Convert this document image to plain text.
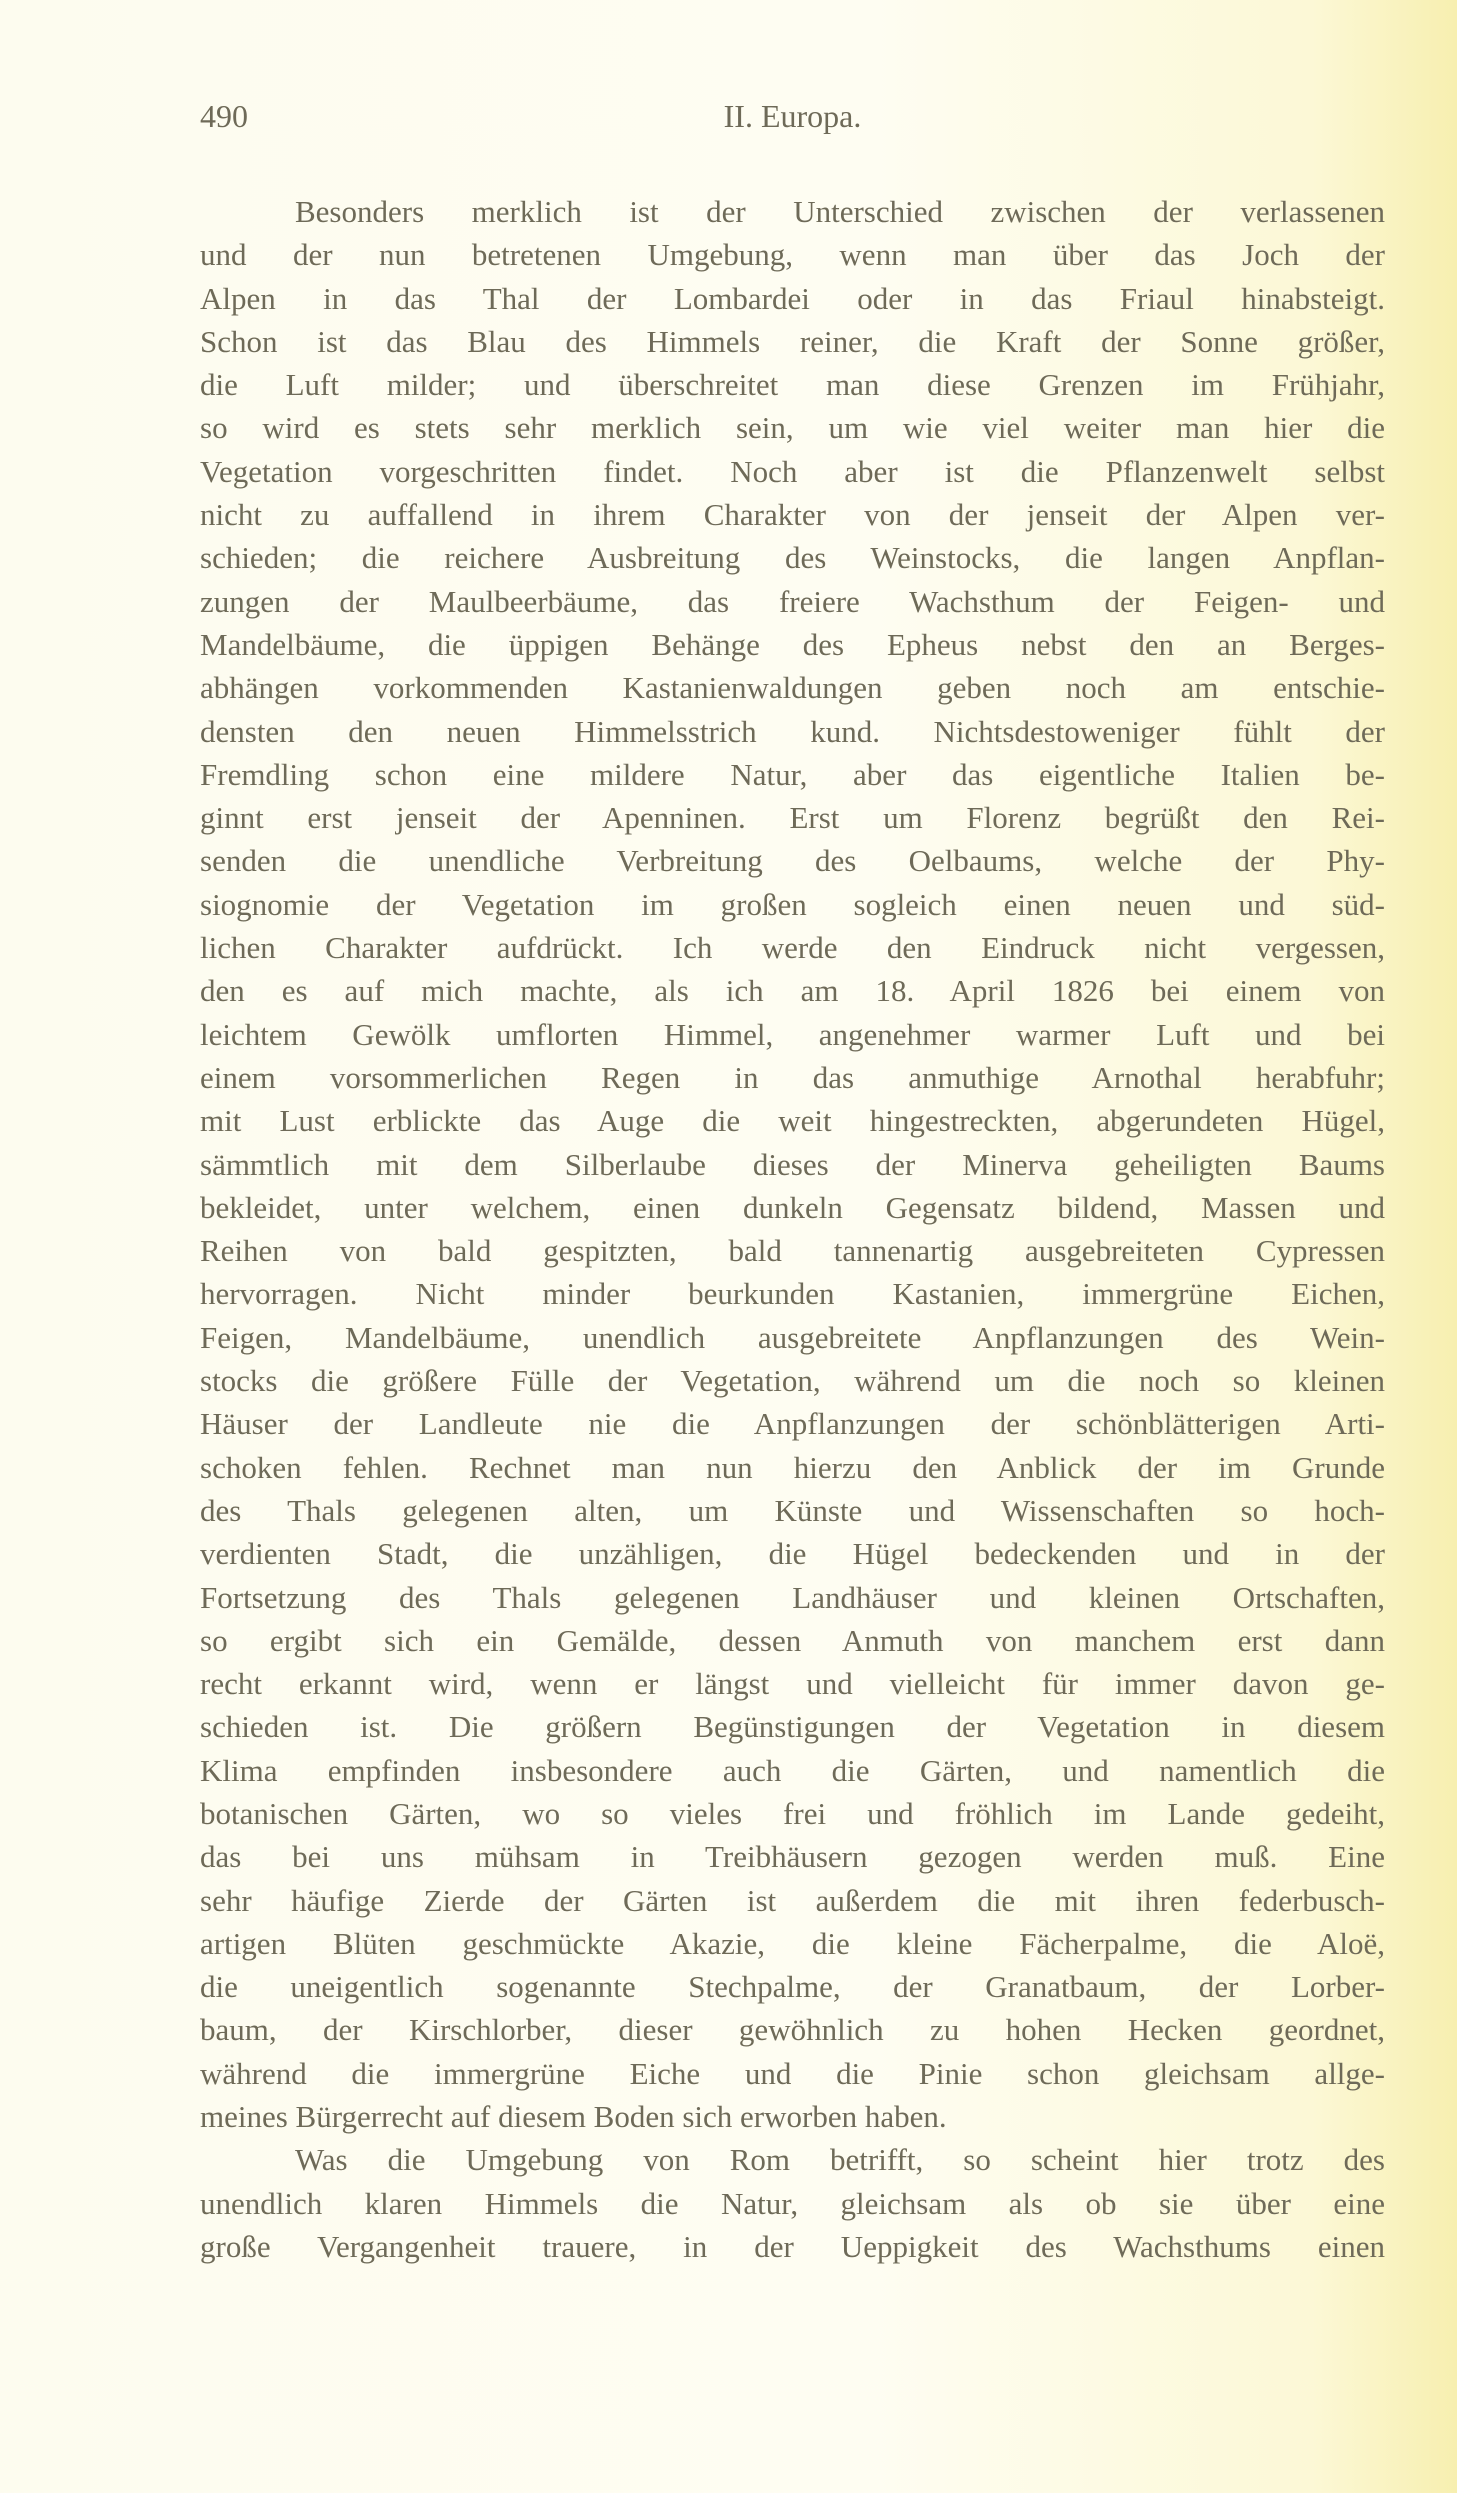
490	II. Europa.
Besonders merklich ist der Unterschied zwischen der verlassenen
und der nun betretenen Umgebung, wenn man über das Joch der
Alpen in das Thal der Lombardei oder in das Friaul hinabsteigt.
Schon ist das Blau des Himmels reiner, die Kraft der Sonne größer,
die Luft milder; und überschreitet man diese Grenzen im Frühjahr,
so wird es stets sehr merklich sein, um wie viel weiter man hier die
Vegetation vorgeschritten findet. Noch aber ist die Pflanzenwelt selbst
nicht zu auffallend in ihrem Charakter von der jenseit der Alpen ver-
schieden; die reichere Ausbreitung des Weinstocks, die langen Anpflan-
zungen der Maulbeerbäume, das freiere Wachsthum der Feigen- und
Mandelbäume, die üppigen Behänge des Epheus nebst den an Berges-
abhängen vorkommenden Kastanienwaldungen geben noch am entschie-
densten den neuen Himmelsstrich kund. Nichtsdestoweniger fühlt der
Fremdling schon eine mildere Natur, aber das eigentliche Italien be-
ginnt erst jenseit der Apenninen. Erst um Florenz begrüßt den Rei-
senden die unendliche Verbreitung des Oelbaums, welche der Phy-
siognomie der Vegetation im großen sogleich einen neuen und süd-
lichen Charakter aufdrückt. Ich werde den Eindruck nicht vergessen,
den es auf mich machte, als ich am 18. April 1826 bei einem von
leichtem Gewölk umflorten Himmel, angenehmer warmer Luft und bei
einem vorsommerlichen Regen in das anmuthige Arnothal herabfuhr;
mit Lust erblickte das Auge die weit hingestreckten, abgerundeten Hügel,
sämmtlich mit dem Silberlaube dieses der Minerva geheiligten Baums
bekleidet, unter welchem, einen dunkeln Gegensatz bildend, Massen und
Reihen von bald gespitzten, bald tannenartig ausgebreiteten Cypressen
hervorragen. Nicht minder beurkunden Kastanien, immergrüne Eichen,
Feigen, Mandelbäume, unendlich ausgebreitete Anpflanzungen des Wein-
stocks die größere Fülle der Vegetation, während um die noch so kleinen
Häuser der Landleute nie die Anpflanzungen der schönblätterigen Arti-
schoken fehlen. Rechnet man nun hierzu den Anblick der im Grunde
des Thals gelegenen alten, um Künste und Wissenschaften so hoch-
verdienten Stadt, die unzähligen, die Hügel bedeckenden und in der
Fortsetzung des Thals gelegenen Landhäuser und kleinen Ortschaften,
so ergibt sich ein Gemälde, dessen Anmuth von manchem erst dann
recht erkannt wird, wenn er längst und vielleicht für immer davon ge-
schieden ist. Die größern Begünstigungen der Vegetation in diesem
Klima empfinden insbesondere auch die Gärten, und namentlich die
botanischen Gärten, wo so vieles frei und fröhlich im Lande gedeiht,
das bei uns mühsam in Treibhäusern gezogen werden muß. Eine
sehr häufige Zierde der Gärten ist außerdem die mit ihren federbusch-
artigen Blüten geschmückte Akazie, die kleine Fächerpalme, die Aloë,
die uneigentlich sogenannte Stechpalme, der Granatbaum, der Lorber-
baum, der Kirschlorber, dieser gewöhnlich zu hohen Hecken geordnet,
während die immergrüne Eiche und die Pinie schon gleichsam allge-
meines Bürgerrecht auf diesem Boden sich erworben haben.
Was die Umgebung von Rom betrifft, so scheint hier trotz des
unendlich klaren Himmels die Natur, gleichsam als ob sie über eine
große Vergangenheit trauere, in der Ueppigkeit des Wachsthums einen
